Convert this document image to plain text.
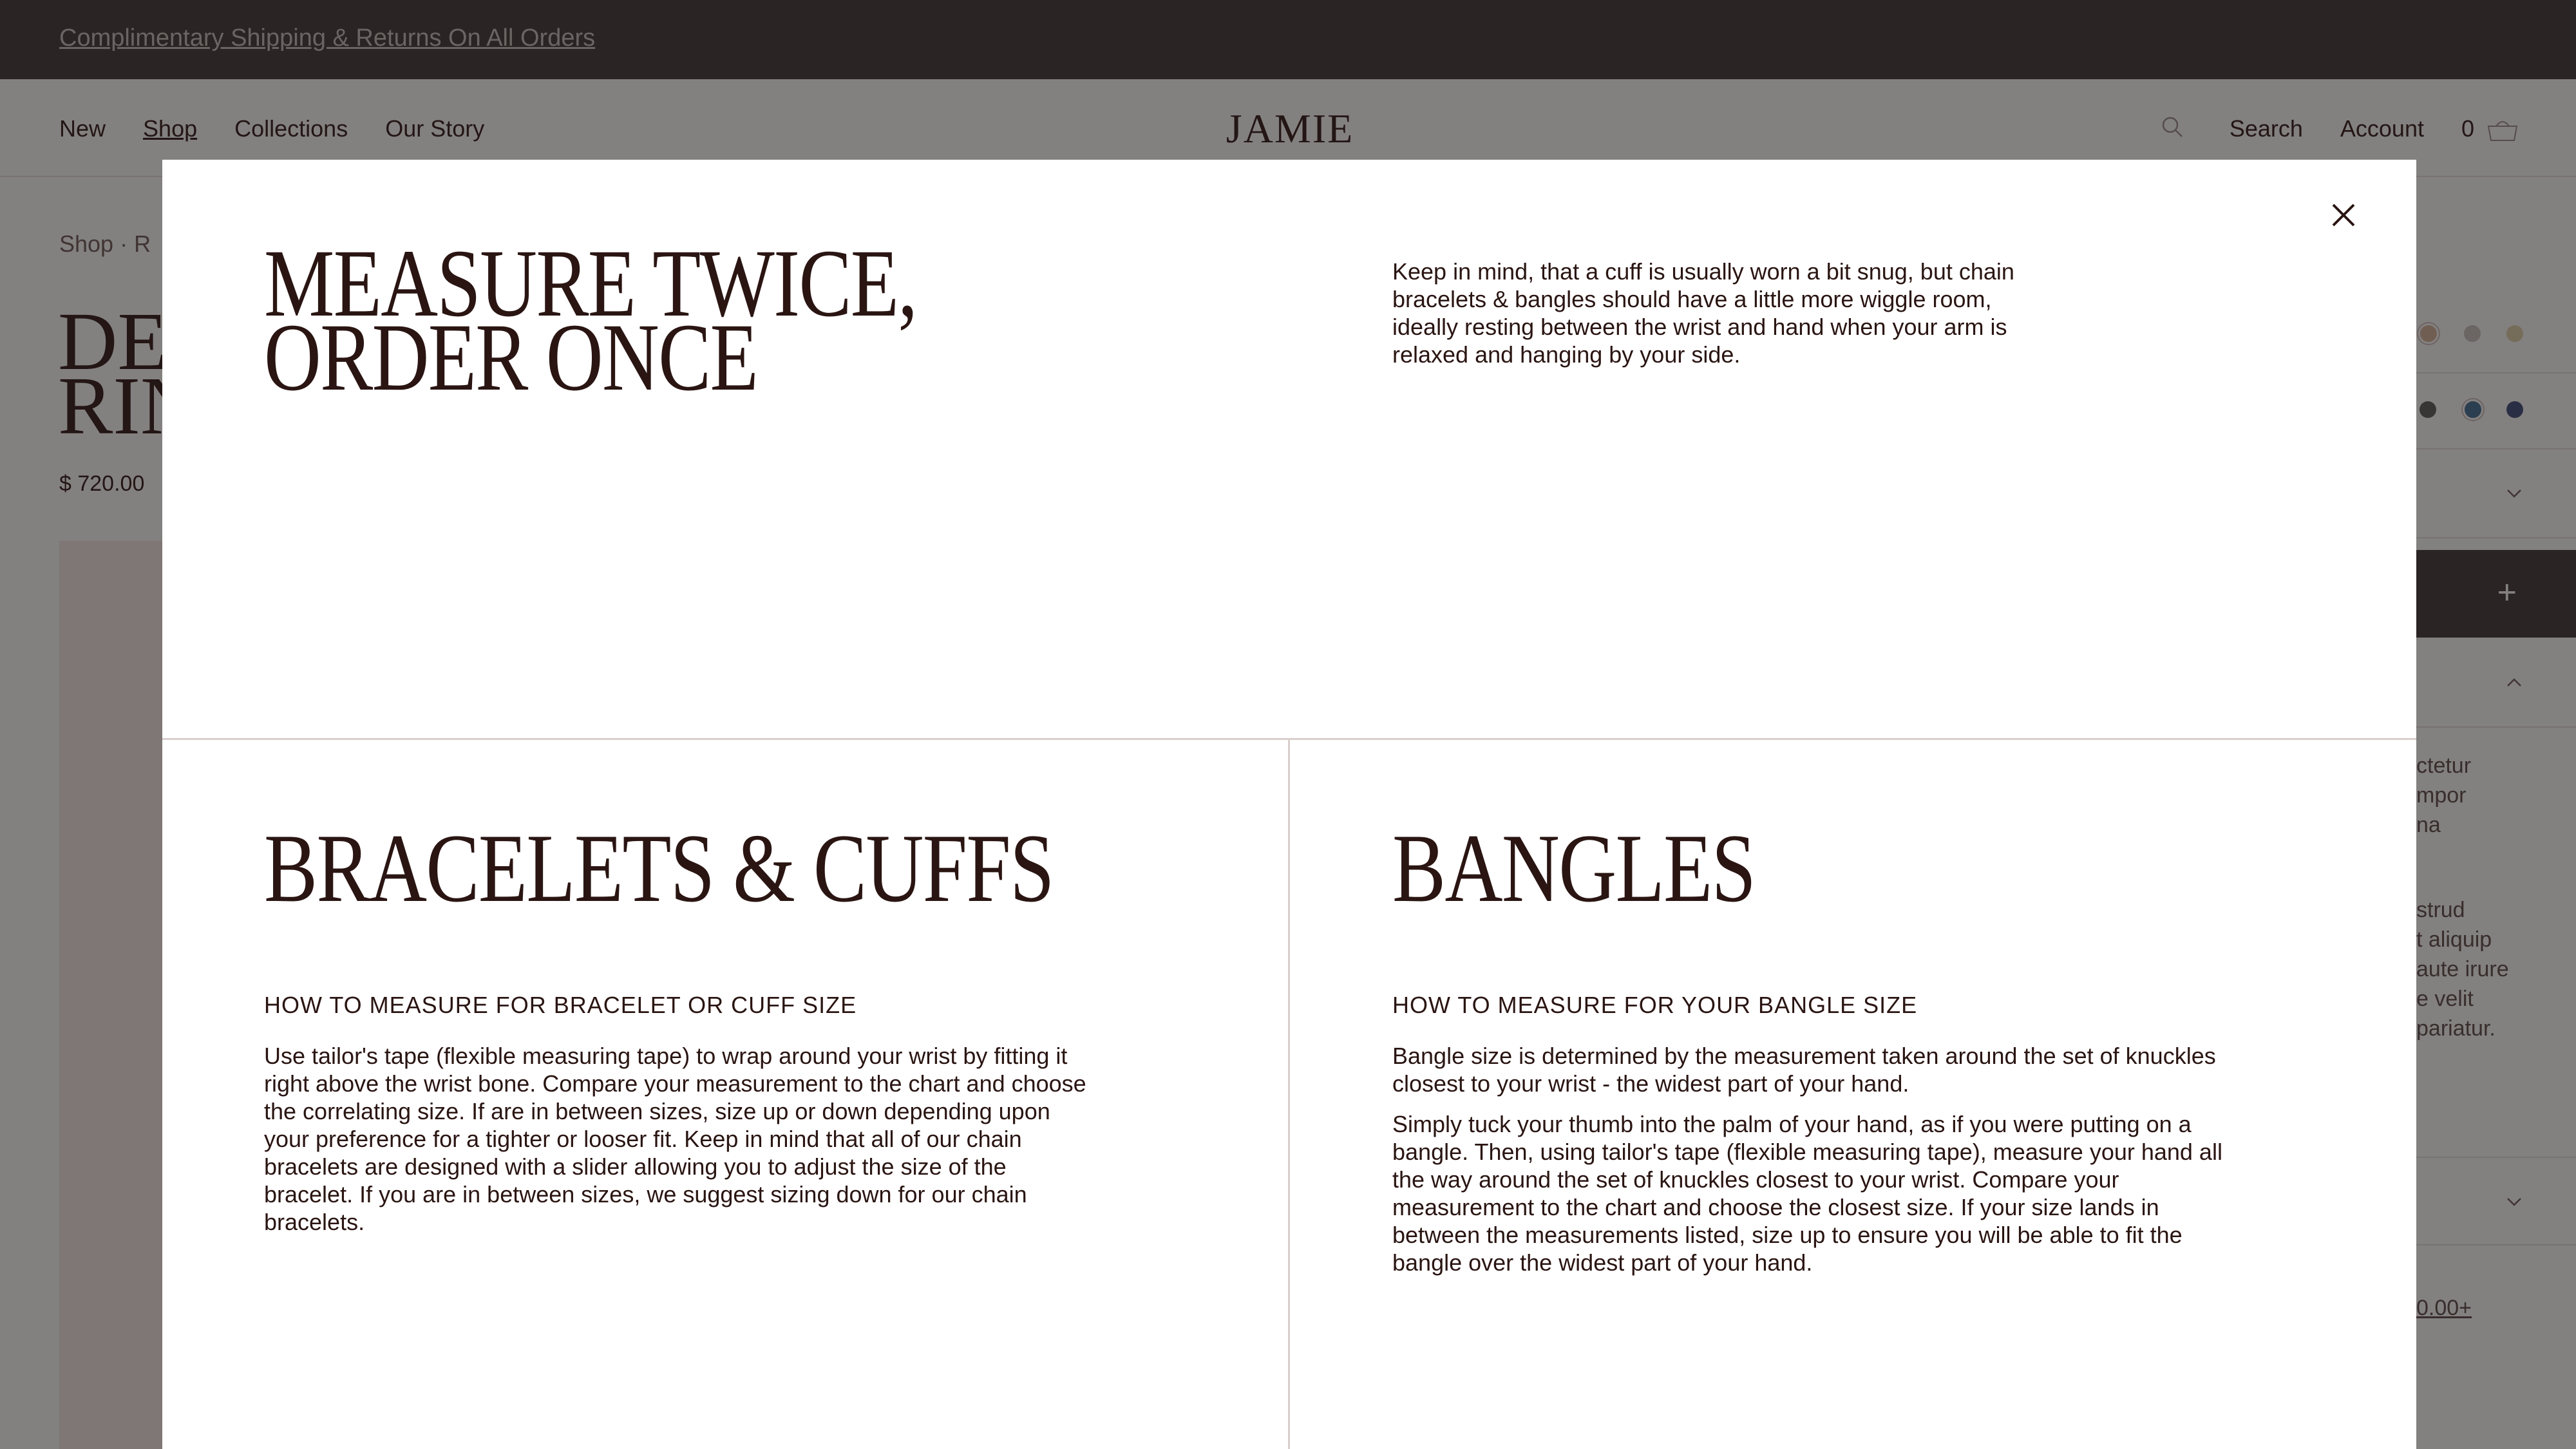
MEASURE TWICE,
ORDER ONCE
Keep in mind, that a cuff is usually worn a bit snug, but chain bracelets & bangles should have a little more wiggle room, ideally resting between the wrist and hand when your arm is relaxed and hanging by your side.
BRACELETS & CUFFS
HOW TO MEASURE FOR BRACELET OR CUFF SIZE

Use tailor's tape (flexible measuring tape) to wrap around your wrist by fitting it right above the wrist bone. Compare your measurement to the chart and choose the correlating size. If are in between sizes, size up or down depending upon your preference for a tighter or looser fit. Keep in mind that all of our chain bracelets are designed with a slider allowing you to adjust the size of the bracelet. If you are in between sizes, we suggest sizing down for our chain bracelets.

BANGLES
HOW TO MEASURE FOR YOUR BANGLE SIZE

Bangle size is determined by the measurement taken around the set of knuckles closest to your wrist - the widest part of your hand.

Simply tuck your thumb into the palm of your hand, as if you were putting on a bangle. Then, using tailor's tape (flexible measuring tape), measure your hand all the way around the set of knuckles closest to your wrist. Compare your measurement to the chart and choose the closest size. If your size lands in between the measurements listed, size up to ensure you will be able to fit the bangle over the widest part of your hand.
